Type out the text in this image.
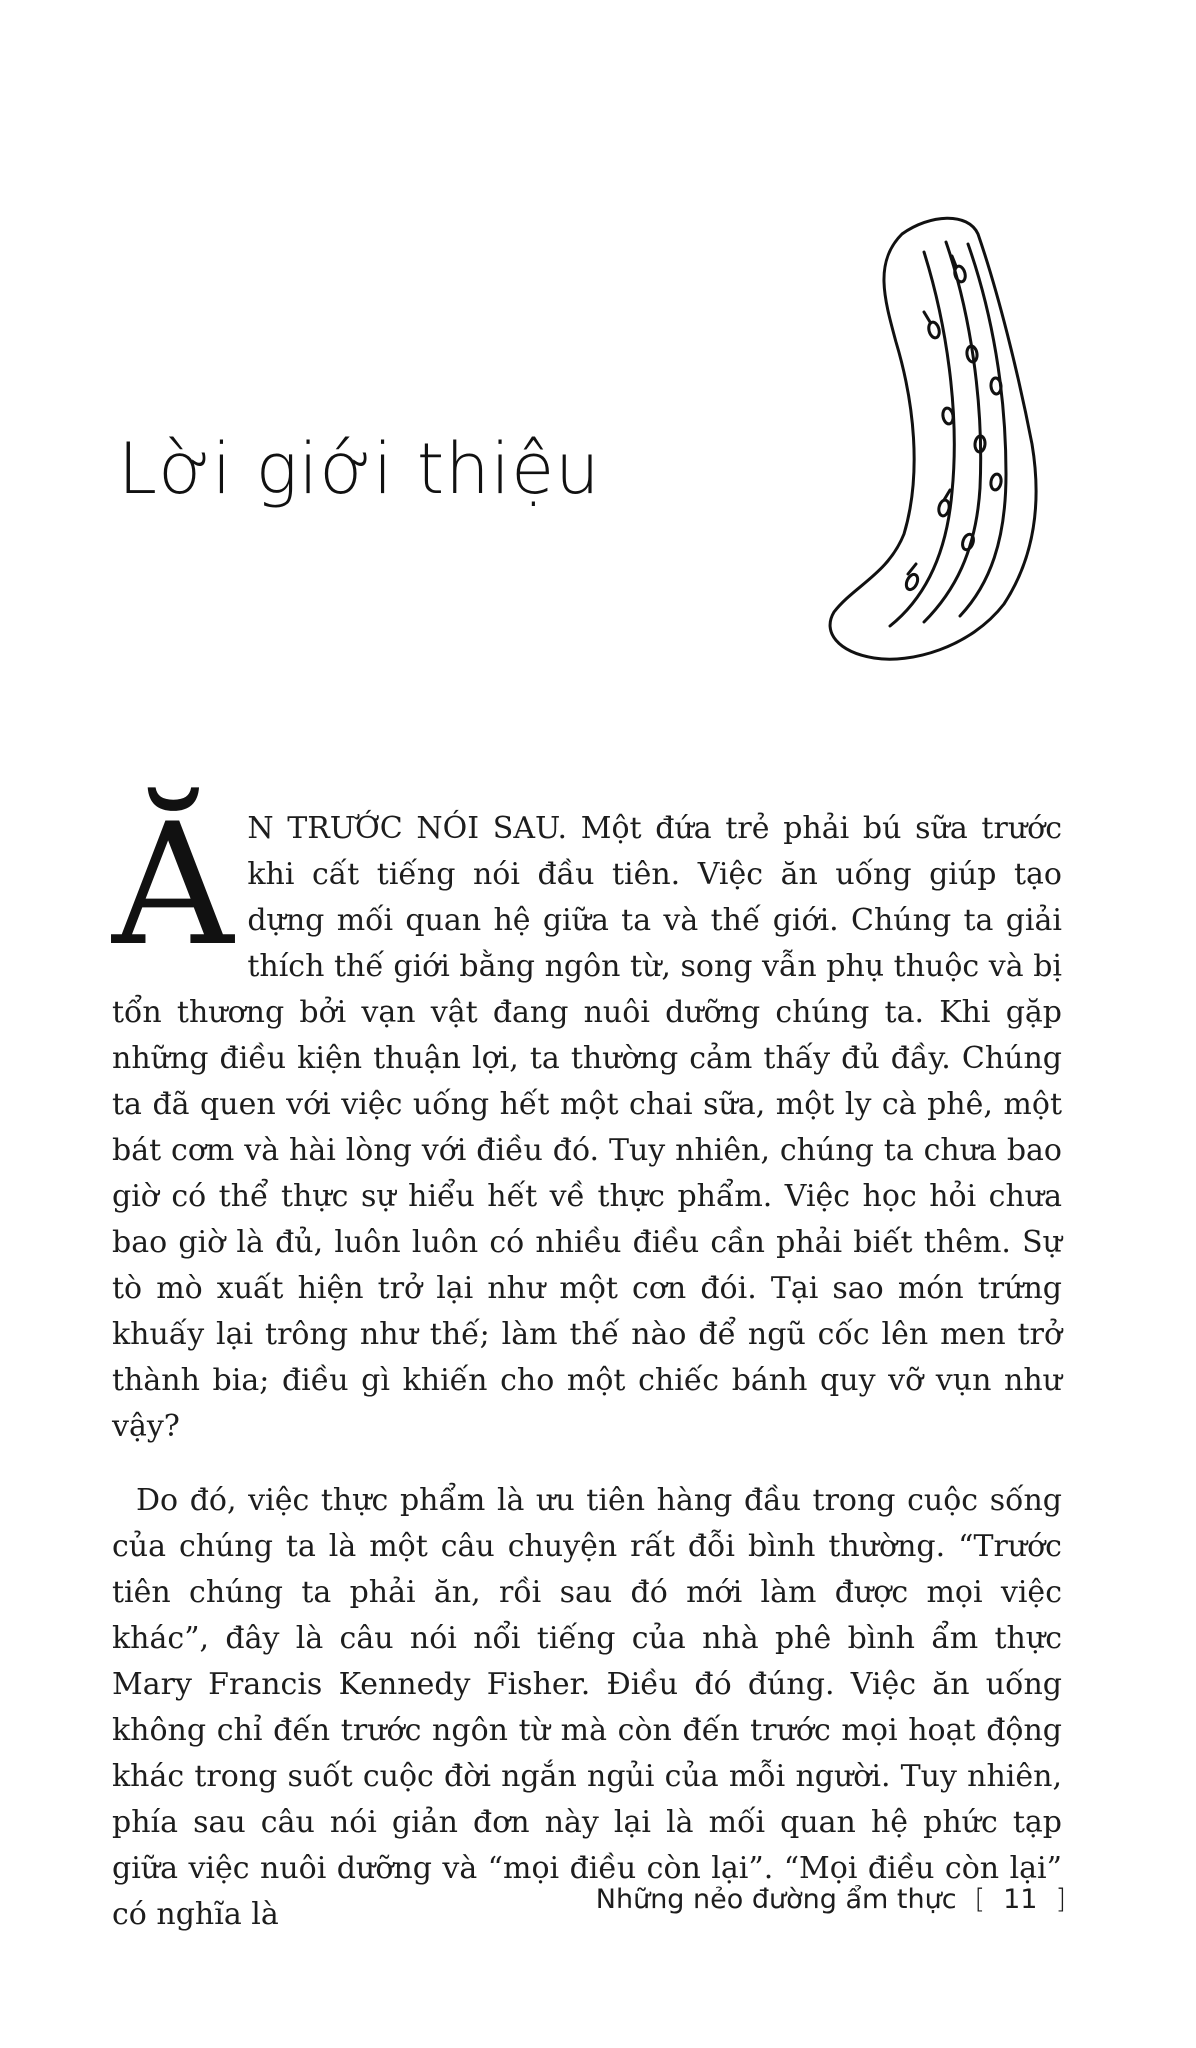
Lời giới thiệu

Ă N TRƯỚC NÓI SAU. Một đứa trẻ phải bú sữa trước khi cất tiếng nói đầu tiên. Việc ăn uống giúp tạo dựng mối quan hệ giữa ta và thế giới. Chúng ta giải thích thế giới bằng ngôn từ, song vẫn phụ thuộc và bị tổn thương bởi vạn vật đang nuôi dưỡng chúng ta. Khi gặp những điều kiện thuận lợi, ta thường cảm thấy đủ đầy. Chúng ta đã quen với việc uống hết một chai sữa, một ly cà phê, một bát cơm và hài lòng với điều đó. Tuy nhiên, chúng ta chưa bao giờ có thể thực sự hiểu hết về thực phẩm. Việc học hỏi chưa bao giờ là đủ, luôn luôn có nhiều điều cần phải biết thêm. Sự tò mò xuất hiện trở lại như một cơn đói. Tại sao món trứng khuấy lại trông như thế; làm thế nào để ngũ cốc lên men trở thành bia; điều gì khiến cho một chiếc bánh quy vỡ vụn như vậy?

Do đó, việc thực phẩm là ưu tiên hàng đầu trong cuộc sống của chúng ta là một câu chuyện rất đỗi bình thường. “Trước tiên chúng ta phải ăn, rồi sau đó mới làm được mọi việc khác”, đây là câu nói nổi tiếng của nhà phê bình ẩm thực Mary Francis Kennedy Fisher. Điều đó đúng. Việc ăn uống không chỉ đến trước ngôn từ mà còn đến trước mọi hoạt động khác trong suốt cuộc đời ngắn ngủi của mỗi người. Tuy nhiên, phía sau câu nói giản đơn này lại là mối quan hệ phức tạp giữa việc nuôi dưỡng và “mọi điều còn lại”. “Mọi điều còn lại” có nghĩa là	Những nẻo đường ẩm thực [ 11 ]
